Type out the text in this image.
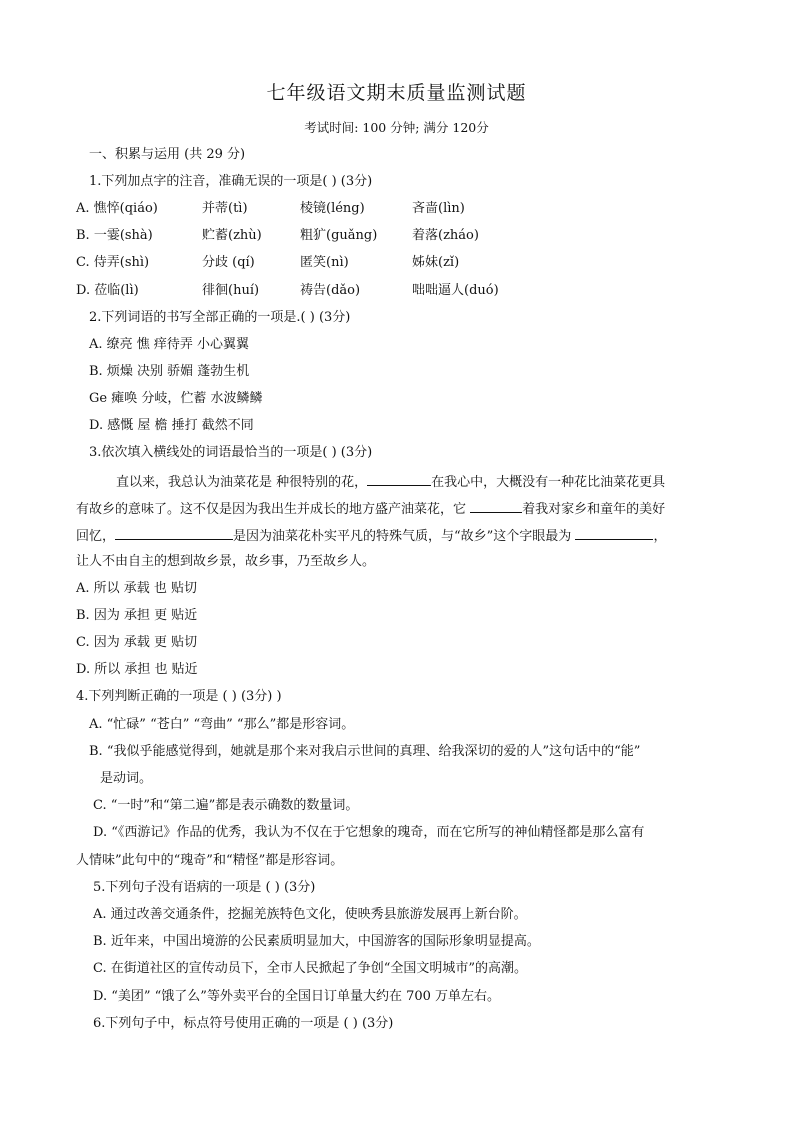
七年级语文期末质量监测试题
考试时间: 100 分钟; 满分 120分
一、积累与运用 (共 29 分)
1.下列加点字的注音，准确无误的一项是( ) (3分)
A. 憔悴(qiáo)	并蒂(tì)	棱镜(léng)	吝啬(lìn)
B. 一霎(shà)	贮蓄(zhù)	粗犷(guǎng)	着落(zháo)
C. 侍弄(shì)	分歧 (qí)	匿笑(nì)	姊妹(zǐ)
D. 莅临(lì)	徘徊(huí)	祷告(dǎo)	咄咄逼人(duó)
2.下列词语的书写全部正确的一项是.( ) (3分)
A. 缭亮 憔 痒待弄 小心翼翼
B. 烦燥 决别 骄媚 蓬勃生机
Ge 瘫唤 分岐，伫蓄 水波鳞鳞
D. 感慨 屋 檐 捶打 截然不同
3.依次填入横线处的词语最恰当的一项是( ) (3分)
直以来，我总认为油菜花是 种很特别的花，	在我心中，大概没有一种花比油菜花更具
有故乡的意味了。这不仅是因为我出生并成长的地方盛产油菜花，它	着我对家乡和童年的美好
回忆，	是因为油菜花朴实平凡的特殊气质，与“故乡”这个字眼最为	，
让人不由自主的想到故乡景，故乡事，乃至故乡人。
A. 所以 承载 也 贴切
B. 因为 承担 更 贴近
C. 因为 承载 更 贴切
D. 所以 承担 也 贴近
4.下列判断正确的一项是 ( ) (3分) )
A. “忙碌” “苍白” “弯曲” “那么”都是形容词。
B. “我似乎能感觉得到，她就是那个来对我启示世间的真理、给我深切的爱的人”这句话中的“能”
是动词。
C. “一时”和“第二遍”都是表示确数的数量词。
D. “《西游记》作品的优秀，我认为不仅在于它想象的瑰奇，而在它所写的神仙精怪都是那么富有
人情味”此句中的“瑰奇”和“精怪”都是形容词。
5.下列句子没有语病的一项是 ( ) (3分)
A. 通过改善交通条件，挖掘羌族特色文化，使映秀县旅游发展再上新台阶。
B. 近年来，中国出境游的公民素质明显加大，中国游客的国际形象明显提高。
C. 在街道社区的宣传动员下，全市人民掀起了争创“全国文明城市”的高潮。
D. “美团” “饿了么”等外卖平台的全国日订单量大约在 700 万单左右。
6.下列句子中，标点符号使用正确的一项是 ( ) (3分)
